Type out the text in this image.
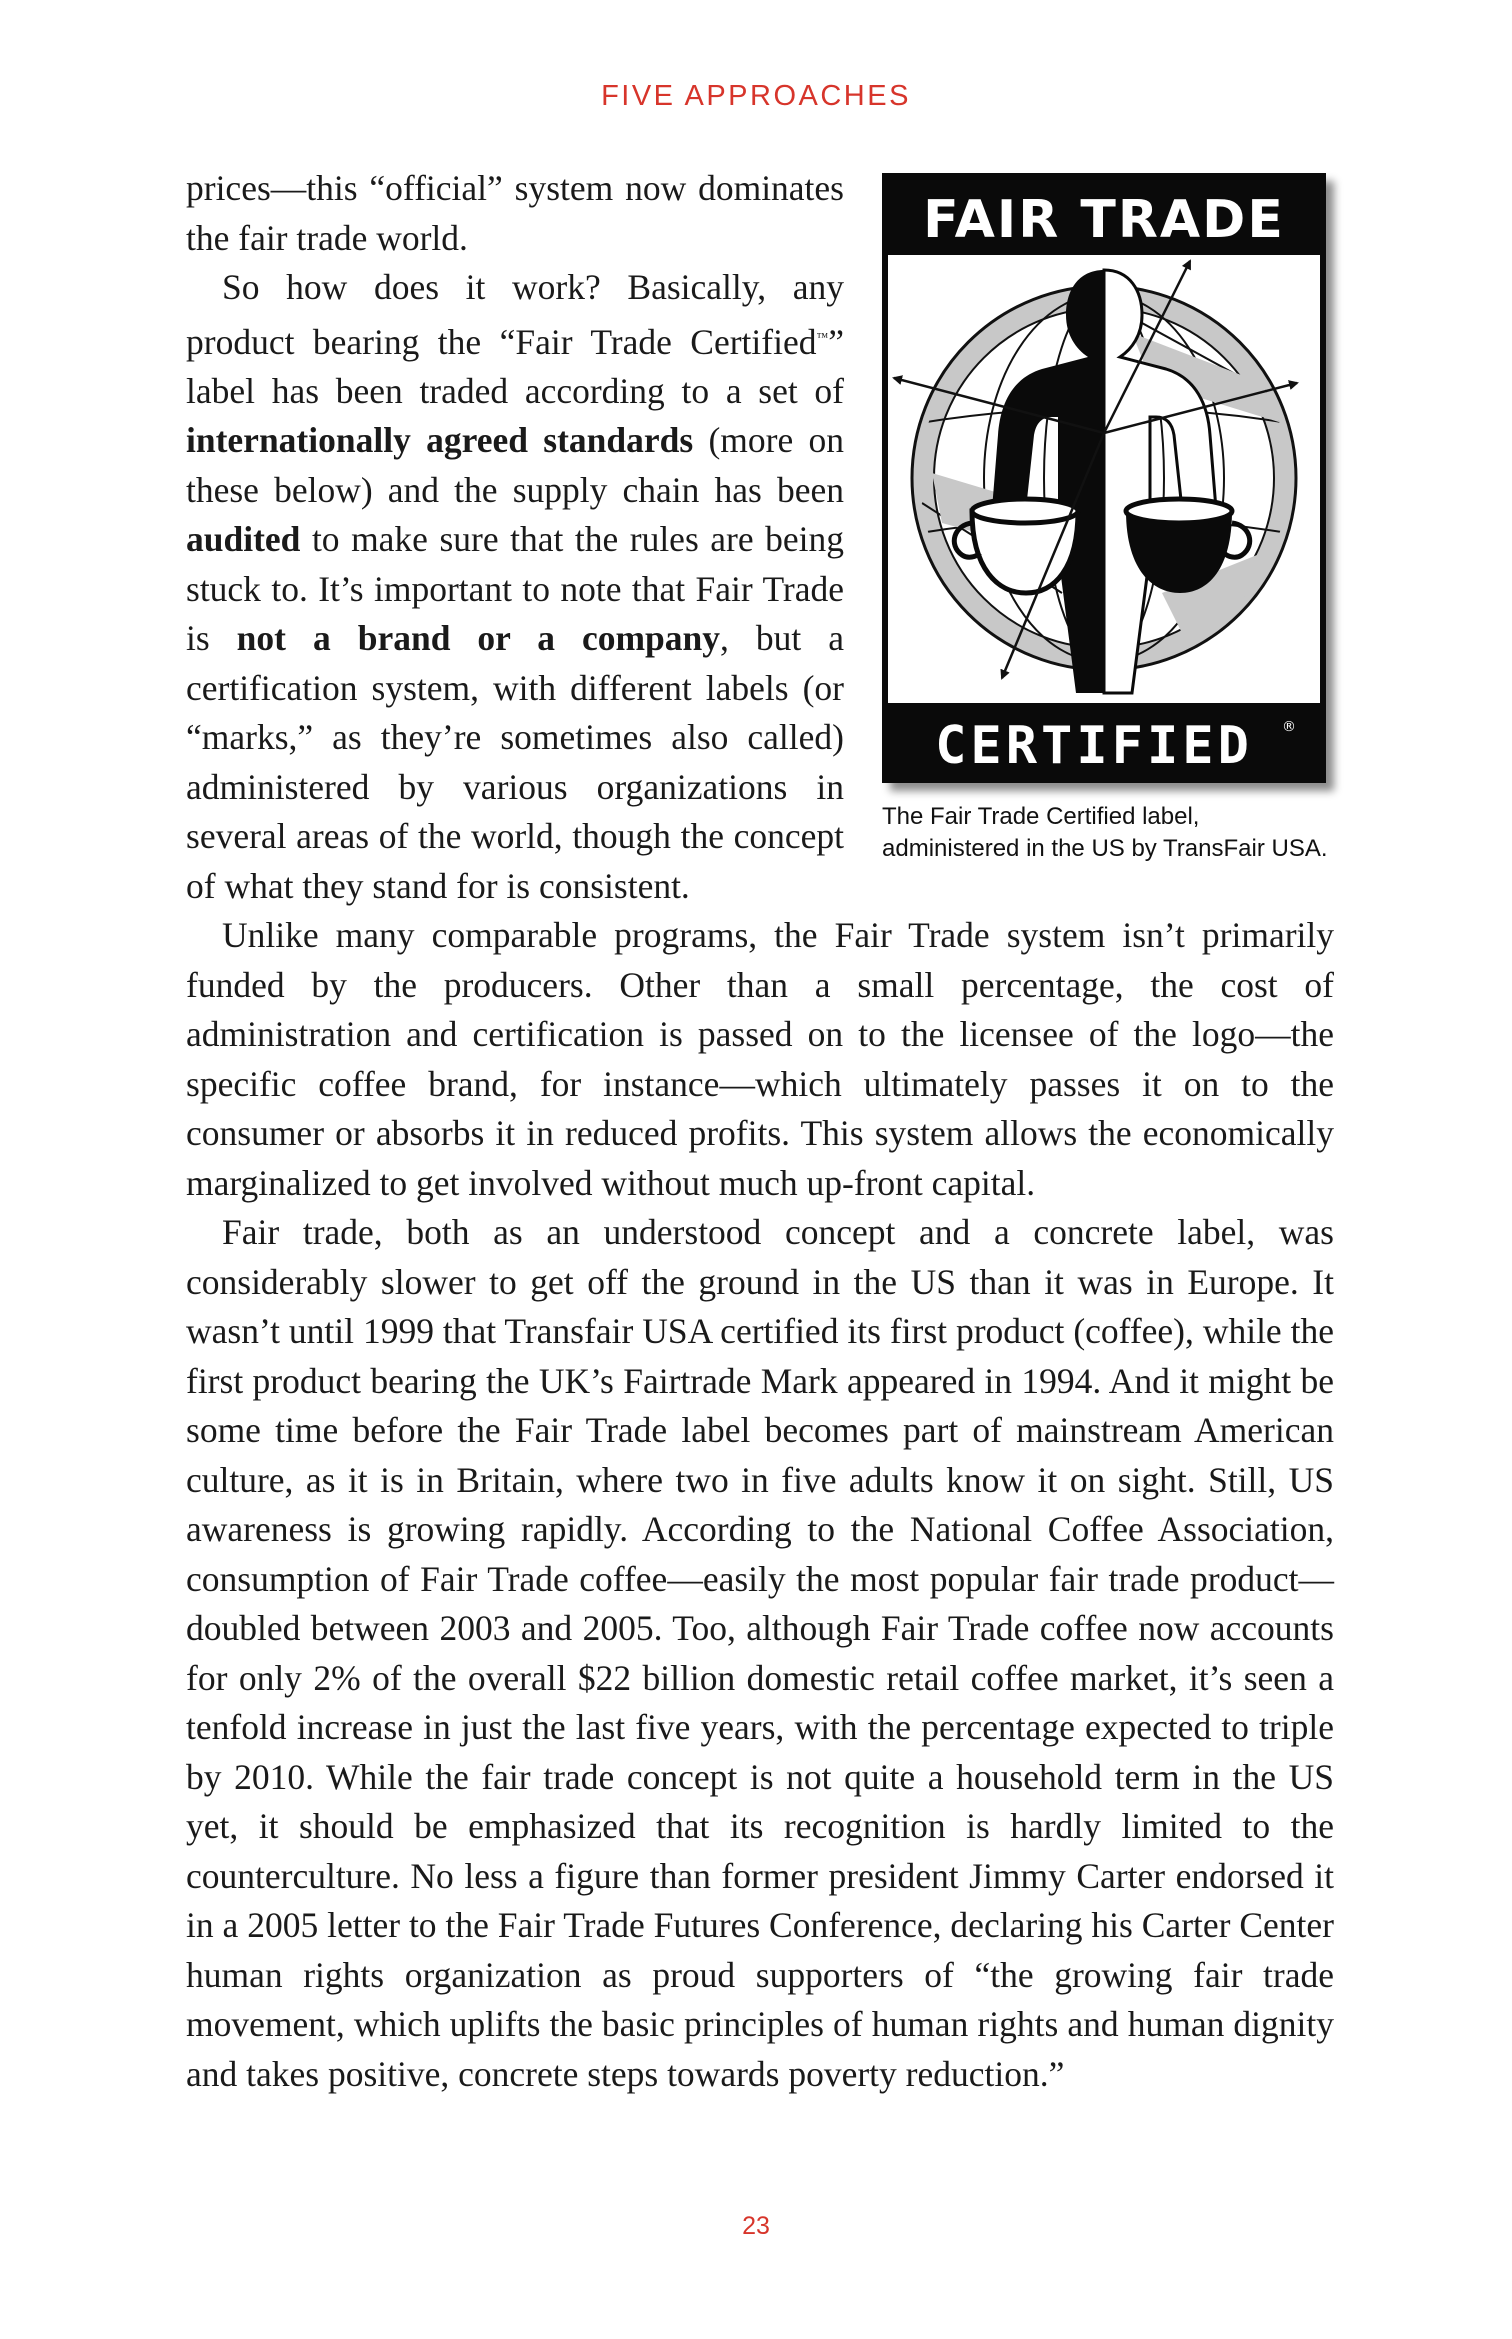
FIVE APPROACHES
FAIR TRADE
CERTIFIED ®
The Fair Trade Certified label, administered in the US by TransFair USA.

prices—this “official” system now dominates the fair trade world.

So how does it work? Basically, any product bearing the “Fair Trade Certified™” label has been traded according to a set of internationally agreed standards (more on these below) and the supply chain has been audited to make sure that the rules are being stuck to. It’s important to note that Fair Trade is not a brand or a company, but a certification system, with different labels (or “marks,” as they’re sometimes also called) administered by various organizations in several areas of the world, though the concept of what they stand for is consistent.

Unlike many comparable programs, the Fair Trade system isn’t primarily funded by the producers. Other than a small percentage, the cost of administration and certification is passed on to the licensee of the logo—the specific coffee brand, for instance—which ultimately passes it on to the consumer or absorbs it in reduced profits. This system allows the economically marginalized to get involved without much up-front capital.

Fair trade, both as an understood concept and a concrete label, was considerably slower to get off the ground in the US than it was in Europe. It wasn’t until 1999 that Transfair USA certified its first product (coffee), while the first product bearing the UK’s Fairtrade Mark appeared in 1994. And it might be some time before the Fair Trade label becomes part of mainstream American culture, as it is in Britain, where two in five adults know it on sight. Still, US awareness is growing rapidly. According to the National Coffee Association, consumption of Fair Trade coffee—easily the most popular fair trade product—doubled between 2003 and 2005. Too, although Fair Trade coffee now accounts for only 2% of the overall $22 billion domestic retail coffee market, it’s seen a tenfold increase in just the last five years, with the percentage expected to triple by 2010. While the fair trade concept is not quite a household term in the US yet, it should be emphasized that its recognition is hardly limited to the counterculture. No less a figure than former president Jimmy Carter endorsed it in a 2005 letter to the Fair Trade Futures Conference, declaring his Carter Center human rights organization as proud supporters of “the growing fair trade movement, which uplifts the basic principles of human rights and human dignity and takes positive, concrete steps towards poverty reduction.”

23
